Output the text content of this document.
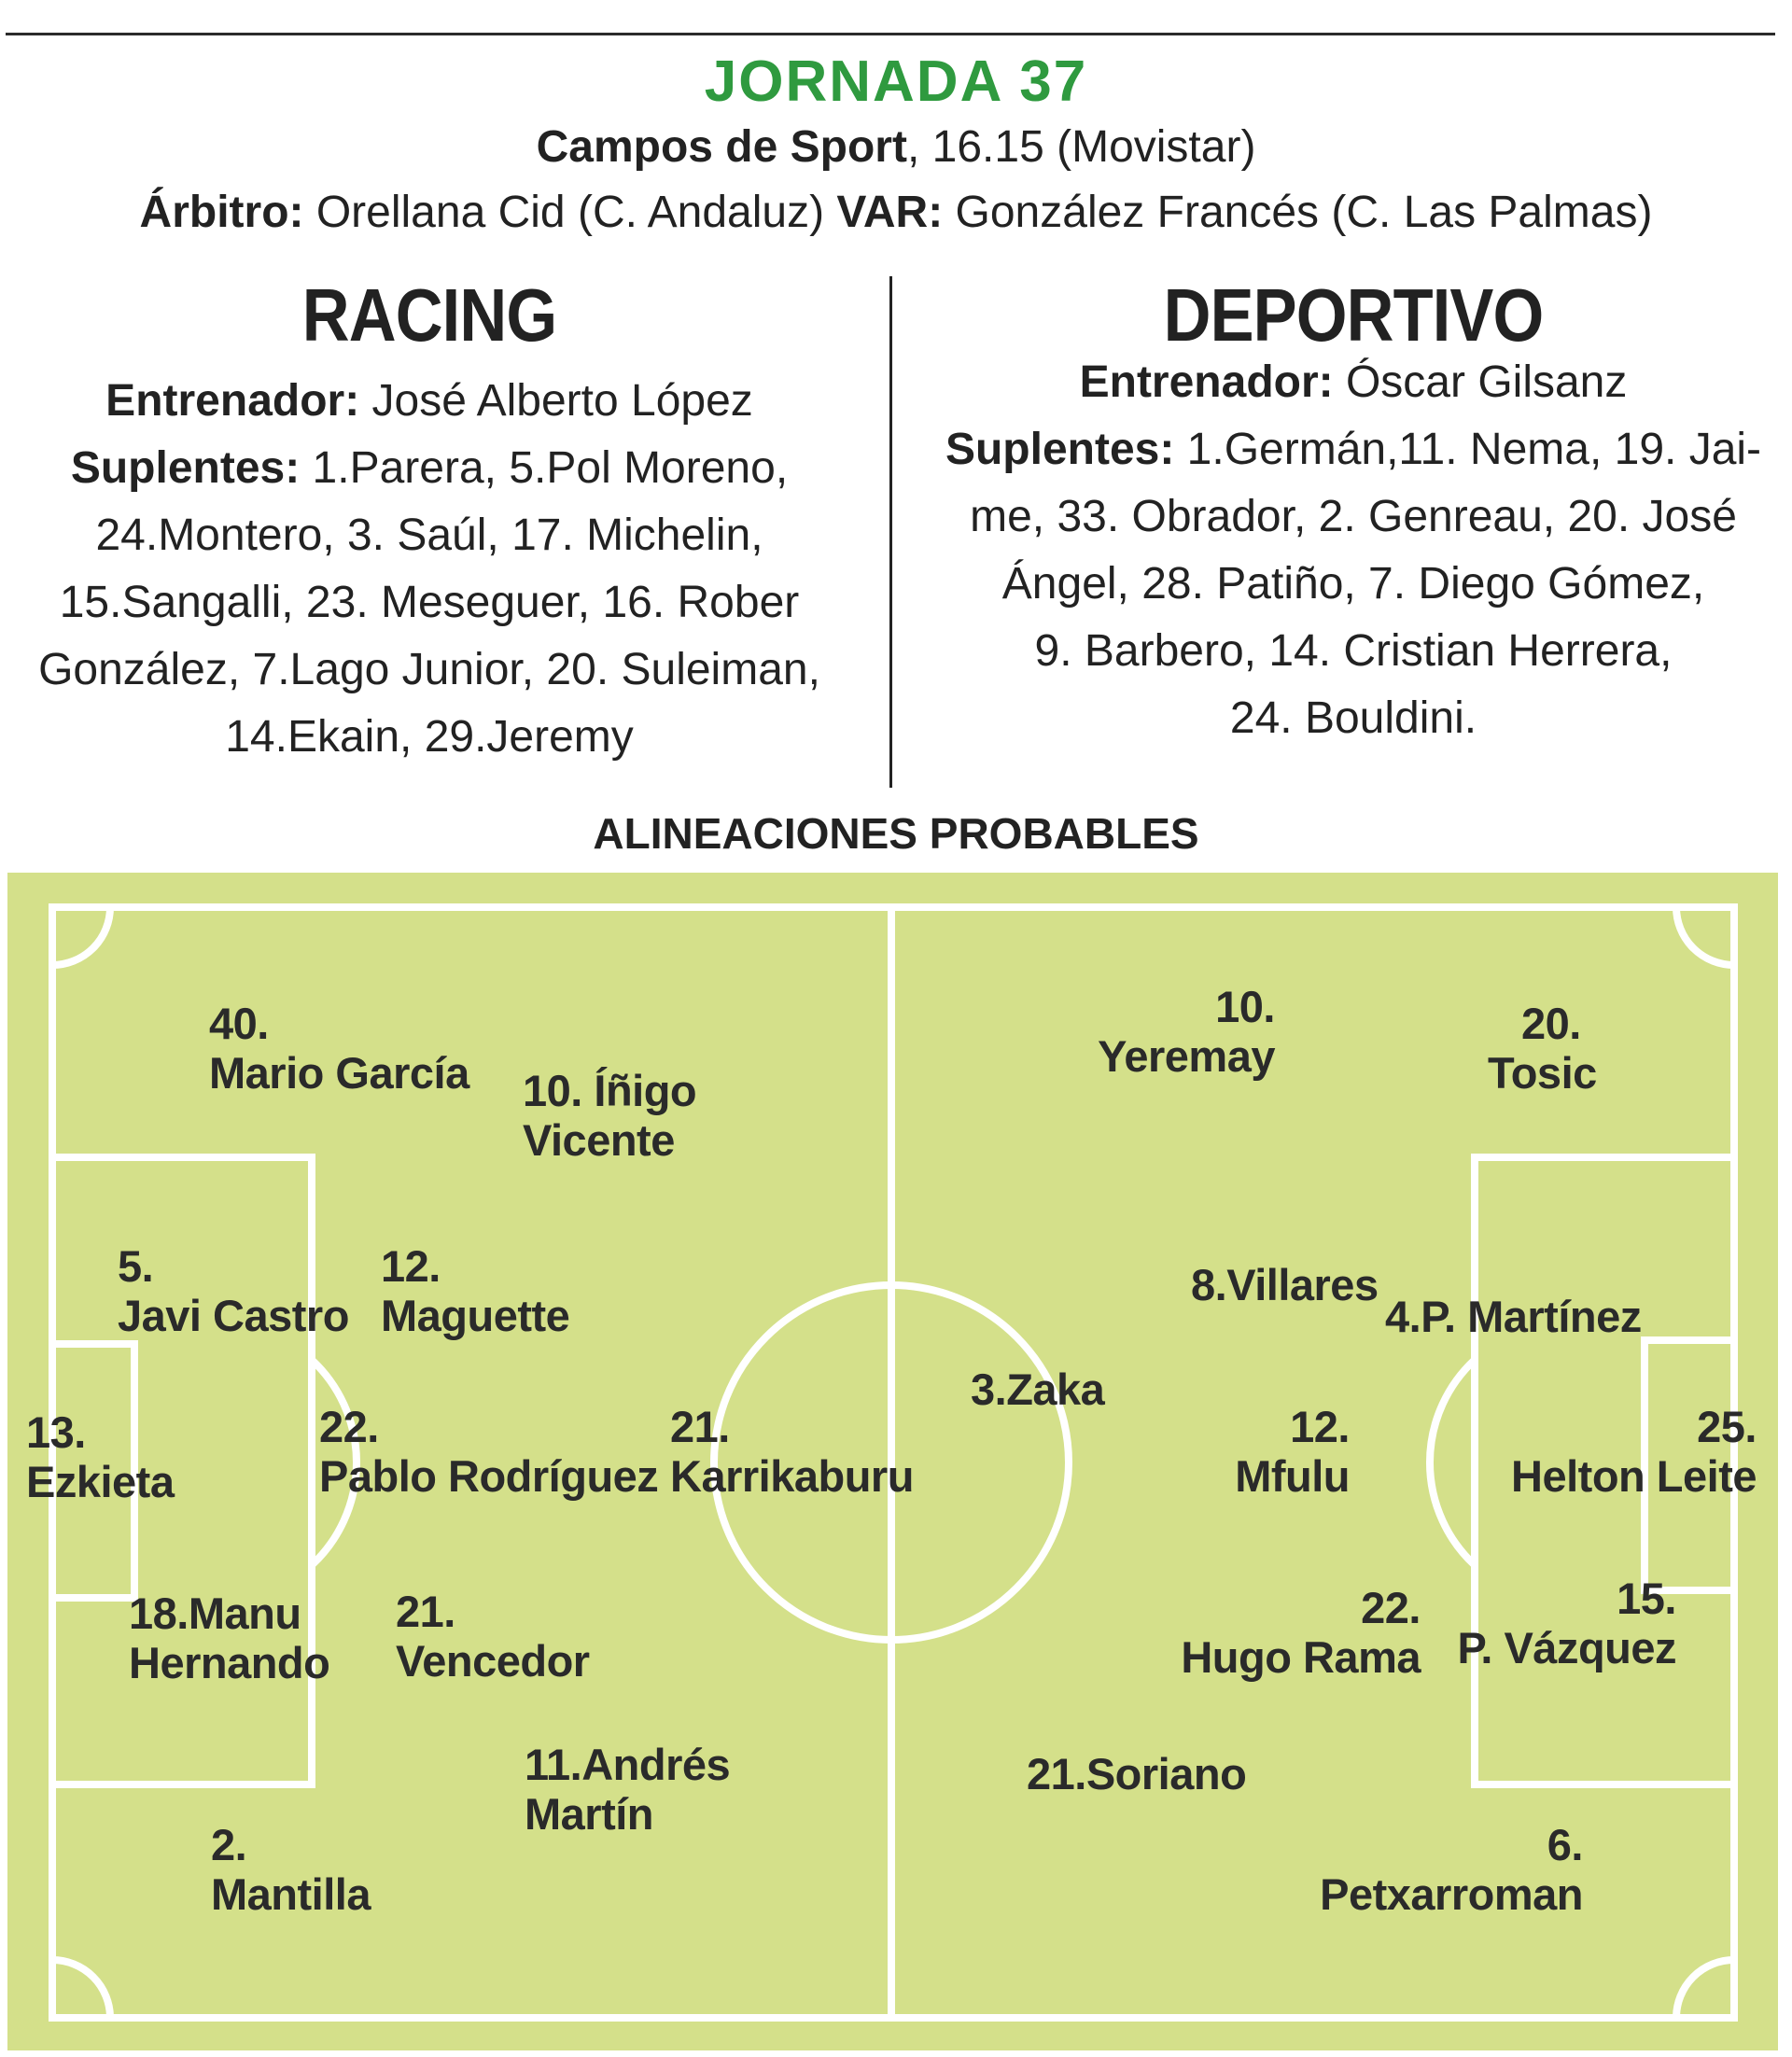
JORNADA 37
Campos de Sport, 16.15 (Movistar)
Árbitro: Orellana Cid (C. Andaluz) VAR: González Francés (C. Las Palmas)
RACING
Entrenador: José Alberto López
Suplentes: 1.Parera, 5.Pol Moreno,
24.Montero, 3. Saúl, 17. Michelin,
15.Sangalli, 23. Meseguer, 16. Rober
González, 7.Lago Junior, 20. Suleiman,
14.Ekain, 29.Jeremy
DEPORTIVO
Entrenador: Óscar Gilsanz
Suplentes: 1.Germán,11. Nema, 19. Jai-
me, 33. Obrador, 2. Genreau, 20. José
Ángel, 28. Patiño, 7. Diego Gómez,
9. Barbero, 14. Cristian Herrera,
24. Bouldini.
ALINEACIONES PROBABLES
40.
Mario García 10. Íñigo
Vicente
5.
Javi Castro
12.
Maguette
13.
Ezkieta
22.
Pablo Rodríguez
21.
Karrikaburu
18.Manu
Hernando
21.
Vencedor
11.Andrés
Martín
2.
Mantilla
10.
Yeremay
20.
Tosic
8.Villares
4.P. Martínez
3.Zaka
12.
Mfulu
25.
Helton Leite
22.
Hugo Rama
15.
P. Vázquez
21.Soriano
6.
Petxarroman
